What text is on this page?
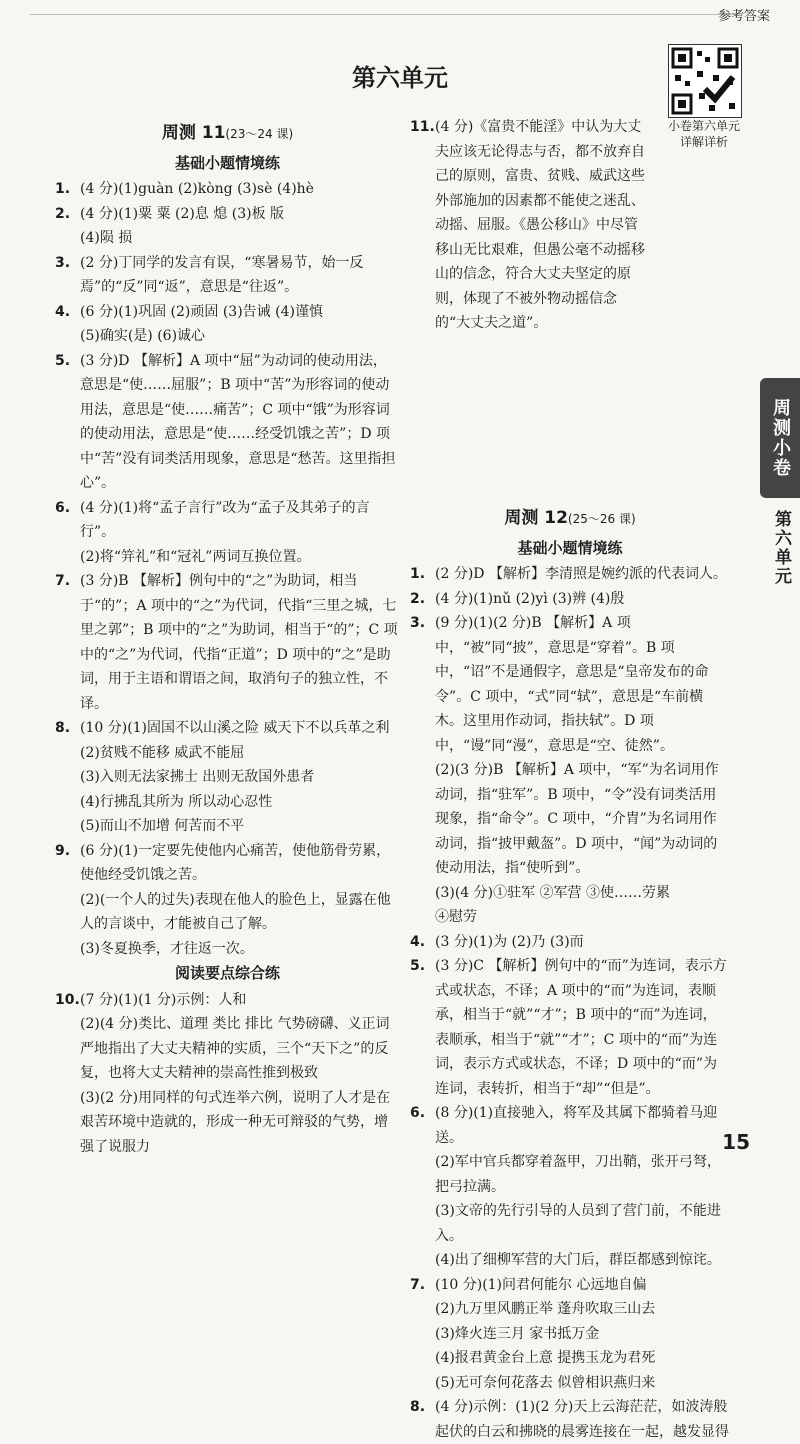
参考答案
第六单元
小卷第六单元
详解详析
周测小卷
第六单元
周测 11(23～24 课)
基础小题情境练
1. (4 分)(1)guàn (2)kòng (3)sè (4)hè

2. (4 分)(1)粟 粟 (2)息 熄 (3)板 版

(4)陨 损

3. (2 分)丁同学的发言有误，“寒暑易节，始一反焉”的“反”同“返”，意思是“往返”。

4. (6 分)(1)巩固 (2)顽固 (3)告诫 (4)谨慎

(5)确实(是) (6)诚心

5. (3 分)D 【解析】A 项中“屈”为动词的使动用法，意思是“使……屈服”；B 项中“苦”为形容词的使动用法，意思是“使……痛苦”；C 项中“饿”为形容词的使动用法，意思是“使……经受饥饿之苦”；D 项中“苦”没有词类活用现象，意思是“愁苦。这里指担心”。

6. (4 分)(1)将“孟子言行”改为“孟子及其弟子的言行”。

(2)将“笄礼”和“冠礼”两词互换位置。

7. (3 分)B 【解析】例句中的“之”为助词，相当于“的”；A 项中的“之”为代词，代指“三里之城，七里之郭”；B 项中的“之”为助词，相当于“的”；C 项中的“之”为代词，代指“正道”；D 项中的“之”是助词，用于主语和谓语之间，取消句子的独立性，不译。

8. (10 分)(1)固国不以山溪之险 威天下不以兵革之利

(2)贫贱不能移 威武不能屈

(3)入则无法家拂士 出则无敌国外患者

(4)行拂乱其所为 所以动心忍性

(5)而山不加增 何苦而不平

9. (6 分)(1)一定要先使他内心痛苦，使他筋骨劳累，使他经受饥饿之苦。

(2)(一个人的过失)表现在他人的脸色上，显露在他人的言谈中，才能被自己了解。

(3)冬夏换季，才往返一次。

阅读要点综合练
10. (7 分)(1)(1 分)示例：人和

(2)(4 分)类比、道理 类比 排比 气势磅礴、义正词严地指出了大丈夫精神的实质，三个“天下之”的反复，也将大丈夫精神的崇高性推到极致

(3)(2 分)用同样的句式连举六例，说明了人才是在艰苦环境中造就的，形成一种无可辩驳的气势，增强了说服力

11. (4 分)《富贵不能淫》中认为大丈夫应该无论得志与否，都不放弃自己的原则，富贵、贫贱、威武这些外部施加的因素都不能使之迷乱、动摇、屈服。《愚公移山》中尽管移山无比艰难，但愚公毫不动摇移山的信念，符合大丈夫坚定的原则，体现了不被外物动摇信念的“大丈夫之道”。

周测 12(25～26 课)
基础小题情境练
1. (2 分)D 【解析】李清照是婉约派的代表词人。

2. (4 分)(1)nǔ (2)yì (3)辨 (4)殷

3. (9 分)(1)(2 分)B 【解析】A 项中，“被”同“披”，意思是“穿着”。B 项中，“诏”不是通假字，意思是“皇帝发布的命令”。C 项中，“式”同“轼”，意思是“车前横木。这里用作动词，指扶轼”。D 项中，“谩”同“漫”，意思是“空、徒然”。

(2)(3 分)B 【解析】A 项中，“军”为名词用作动词，指“驻军”。B 项中，“令”没有词类活用现象，指“命令”。C 项中，“介胄”为名词用作动词，指“披甲戴盔”。D 项中，“闻”为动词的使动用法，指“使听到”。

(3)(4 分)①驻军 ②军营 ③使……劳累

④慰劳

4. (3 分)(1)为 (2)乃 (3)而

5. (3 分)C 【解析】例句中的“而”为连词，表示方式或状态，不译；A 项中的“而”为连词，表顺承，相当于“就”“才”；B 项中的“而”为连词，表顺承，相当于“就”“才”；C 项中的“而”为连词，表示方式或状态，不译；D 项中的“而”为连词，表转折，相当于“却”“但是”。

6. (8 分)(1)直接驰入，将军及其属下都骑着马迎送。

(2)军中官兵都穿着盔甲，刀出鞘，张开弓弩，把弓拉满。

(3)文帝的先行引导的人员到了营门前，不能进入。

(4)出了细柳军营的大门后，群臣都感到惊诧。

7. (10 分)(1)问君何能尔 心远地自偏

(2)九万里风鹏正举 蓬舟吹取三山去

(3)烽火连三月 家书抵万金

(4)报君黄金台上意 提携玉龙为君死

(5)无可奈何花落去 似曾相识燕归来

8. (4 分)示例：(1)(2 分)天上云海茫茫，如波涛般起伏的白云和拂晓的晨雾连接在一起，越发显得

15
